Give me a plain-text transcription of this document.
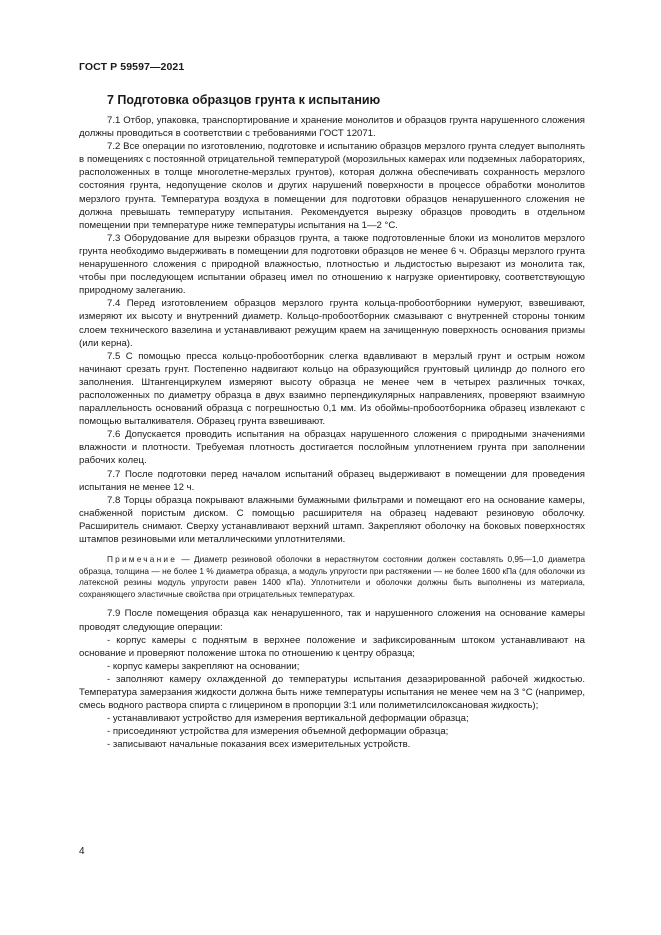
ГОСТ Р 59597—2021
7 Подготовка образцов грунта к испытанию

7.1 Отбор, упаковка, транспортирование и хранение монолитов и образцов грунта нарушенного сложения должны проводиться в соответствии с требованиями ГОСТ 12071.

7.2 Все операции по изготовлению, подготовке и испытанию образцов мерзлого грунта следует выполнять в помещениях с постоянной отрицательной температурой (морозильных камерах или подземных лабораториях, расположенных в толще многолетне-мерзлых грунтов), которая должна обеспечивать сохранность мерзлого состояния грунта, недопущение сколов и других нарушений поверхности в процессе обработки монолитов мерзлого грунта. Температура воздуха в помещении для подготовки образцов ненарушенного сложения не должна превышать температуру испытания. Рекомендуется вырезку образцов проводить в отдельном помещении при температуре ниже температуры испытания на 1—2 °С.

7.3 Оборудование для вырезки образцов грунта, а также подготовленные блоки из монолитов мерзлого грунта необходимо выдерживать в помещении для подготовки образцов не менее 6 ч. Образцы мерзлого грунта ненарушенного сложения с природной влажностью, плотностью и льдистостью вырезают из монолита так, чтобы при последующем испытании образец имел по отношению к нагрузке ориентировку, соответствующую природному залеганию.

7.4 Перед изготовлением образцов мерзлого грунта кольца-пробоотборники нумеруют, взвешивают, измеряют их высоту и внутренний диаметр. Кольцо-пробоотборник смазывают с внутренней стороны тонким слоем технического вазелина и устанавливают режущим краем на зачищенную поверхность основания призмы (или керна).

7.5 С помощью пресса кольцо-пробоотборник слегка вдавливают в мерзлый грунт и острым ножом начинают срезать грунт. Постепенно надвигают кольцо на образующийся грунтовый цилиндр до полного его заполнения. Штангенциркулем измеряют высоту образца не менее чем в четырех различных точках, расположенных по диаметру образца в двух взаимно перпендикулярных направлениях, проверяют взаимную параллельность оснований образца с погрешностью 0,1 мм. Из обоймы-пробоотборника образец извлекают с помощью выталкивателя. Образец грунта взвешивают.

7.6 Допускается проводить испытания на образцах нарушенного сложения с природными значениями влажности и плотности. Требуемая плотность достигается послойным уплотнением грунта при заполнении рабочих колец.

7.7 После подготовки перед началом испытаний образец выдерживают в помещении для проведения испытания не менее 12 ч.

7.8 Торцы образца покрывают влажными бумажными фильтрами и помещают его на основание камеры, снабженной пористым диском. С помощью расширителя на образец надевают резиновую оболочку. Расширитель снимают. Сверху устанавливают верхний штамп. Закрепляют оболочку на боковых поверхностях штампов резиновыми или металлическими уплотнителями.

Примечание — Диаметр резиновой оболочки в нерастянутом состоянии должен составлять 0,95—1,0 диаметра образца, толщина — не более 1 % диаметра образца, а модуль упругости при растяжении — не более 1600 кПа (для оболочки из латексной резины модуль упругости равен 1400 кПа). Уплотнители и оболочки должны быть выполнены из материала, сохраняющего эластичные свойства при отрицательных температурах.

7.9 После помещения образца как ненарушенного, так и нарушенного сложения на основание камеры проводят следующие операции:

- корпус камеры с поднятым в верхнее положение и зафиксированным штоком устанавливают на основание и проверяют положение штока по отношению к центру образца;

- корпус камеры закрепляют на основании;

- заполняют камеру охлажденной до температуры испытания дезаэрированной рабочей жидкостью. Температура замерзания жидкости должна быть ниже температуры испытания не менее чем на 3 °С (например, смесь водного раствора спирта с глицерином в пропорции 3:1 или полиметилсилоксановая жидкость);

- устанавливают устройство для измерения вертикальной деформации образца;

- присоединяют устройства для измерения объемной деформации образца;

- записывают начальные показания всех измерительных устройств.

4
